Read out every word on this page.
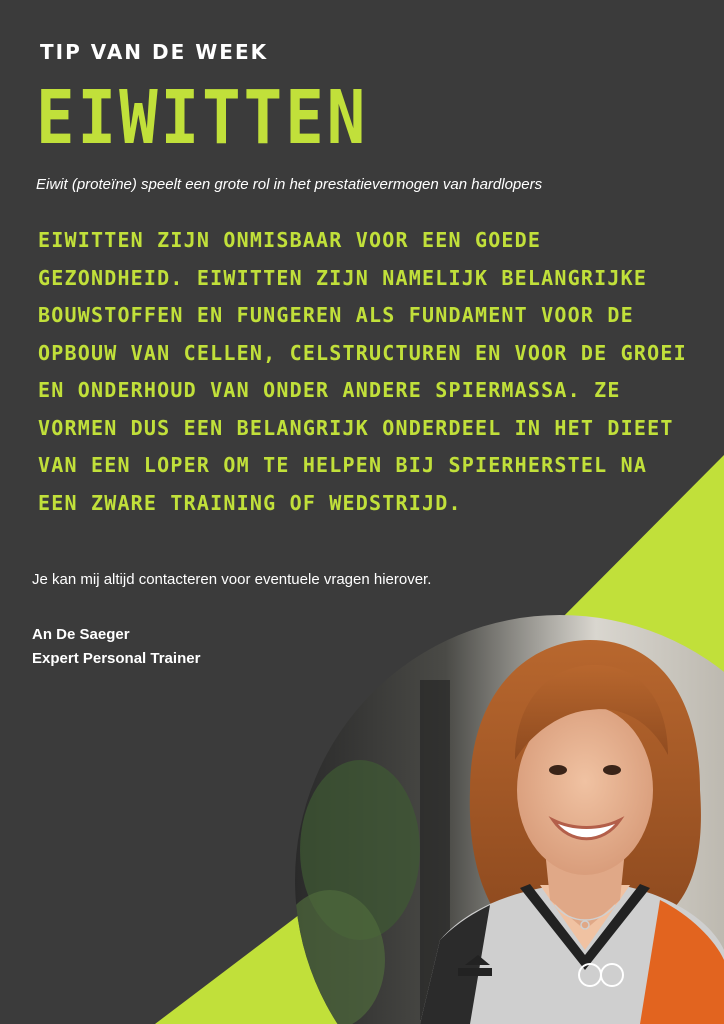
TIP VAN DE WEEK
EIWITTEN

Eiwit (proteïne) speelt een grote rol in het prestatievermogen van hardlopers

EIWITTEN ZIJN ONMISBAAR VOOR EEN GOEDE GEZONDHEID. EIWITTEN ZIJN NAMELIJK BELANGRIJKE BOUWSTOFFEN EN FUNGEREN ALS FUNDAMENT VOOR DE OPBOUW VAN CELLEN, CELSTRUCTUREN EN VOOR DE GROEI EN ONDERHOUD VAN ONDER ANDERE SPIERMASSA. ZE VORMEN DUS EEN BELANGRIJK ONDERDEEL IN HET DIEET VAN EEN LOPER OM TE HELPEN BIJ SPIERHERSTEL NA EEN ZWARE TRAINING OF WEDSTRIJD.

Je kan mij altijd contacteren voor eventuele vragen hierover.

An De Saeger
Expert Personal Trainer
